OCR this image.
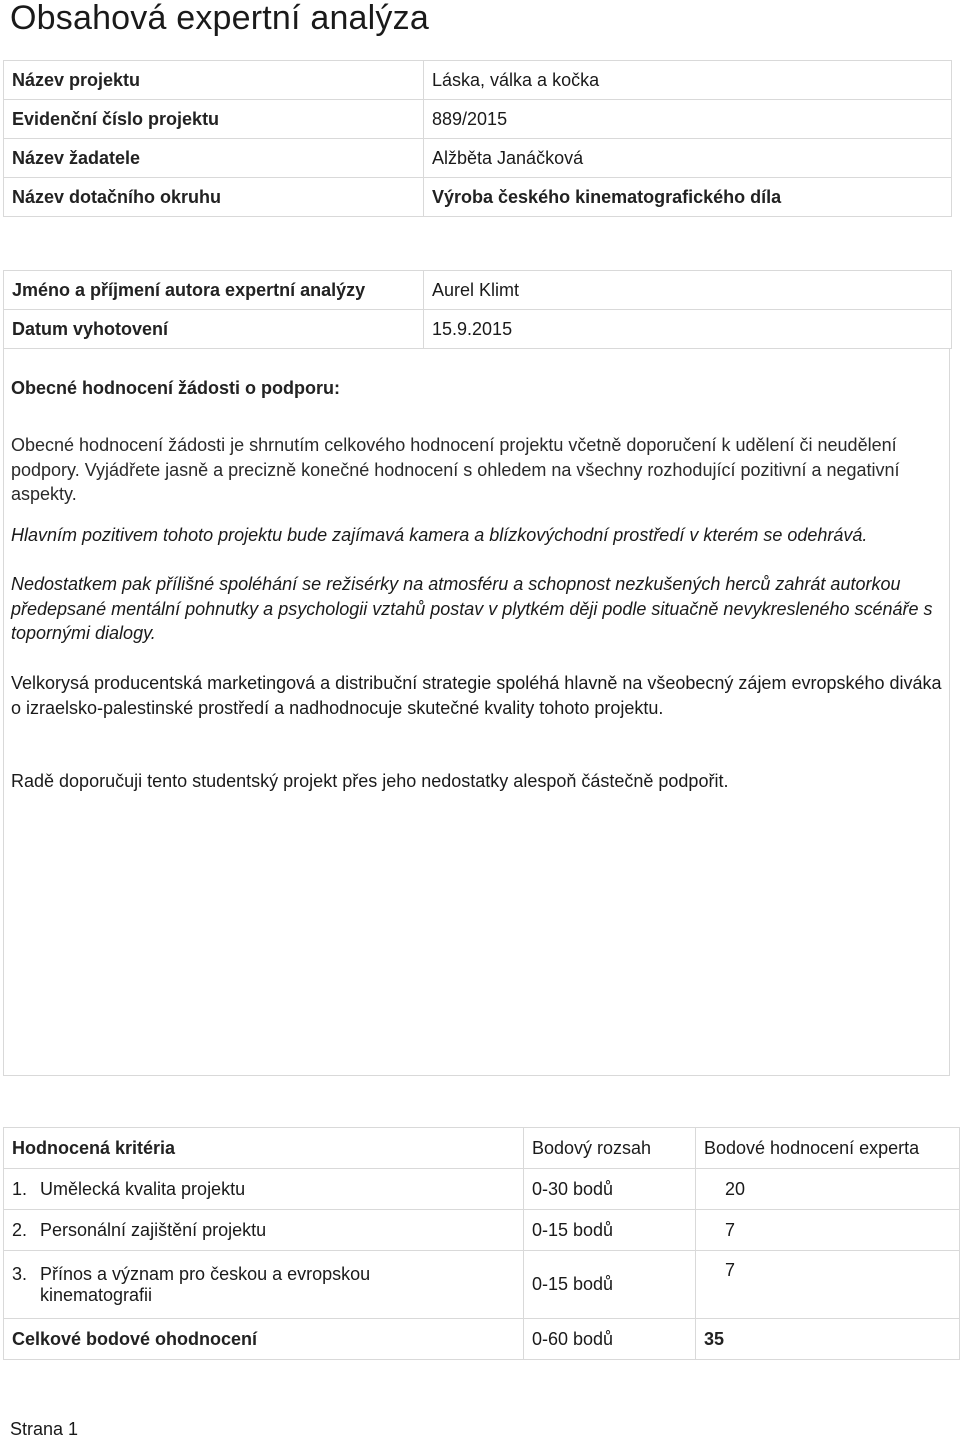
Obsahová expertní analýza
Název projektu	Láska, válka a kočka
Evidenční číslo projektu	889/2015
Název žadatele	Alžběta Janáčková
Název dotačního okruhu	Výroba českého kinematografického díla
Jméno a příjmení autora expertní analýzy	Aurel Klimt
Datum vyhotovení	15.9.2015
Obecné hodnocení žádosti o podporu:

Obecné hodnocení žádosti je shrnutím celkového hodnocení projektu včetně doporučení k udělení či neudělení podpory. Vyjádřete jasně a precizně konečné hodnocení s ohledem na všechny rozhodující pozitivní a negativní aspekty.

Hlavním pozitivem tohoto projektu bude zajímavá kamera a blízkovýchodní prostředí v kterém se odehrává.

Nedostatkem pak přílišné spoléhání se režisérky na atmosféru a schopnost nezkušených herců zahrát autorkou předepsané mentální pohnutky a psychologii vztahů postav v plytkém ději podle situačně nevykresleného scénáře s topornými dialogy.

Velkorysá producentská marketingová a distribuční strategie spoléhá hlavně na všeobecný zájem evropského diváka o izraelsko-palestinské prostředí a nadhodnocuje skutečné kvality tohoto projektu.

Radě doporučuji tento studentský projekt přes jeho nedostatky alespoň částečně podpořit.

Hodnocená kritéria	Bodový rozsah	Bodové hodnocení experta
1. Umělecká kvalita projektu	0-30 bodů	20
2. Personální zajištění projektu	0-15 bodů	7
3. Přínos a význam pro českou a evropskou kinematografii	0-15 bodů	7
Celkové bodové ohodnocení	0-60 bodů	35

Strana 1
